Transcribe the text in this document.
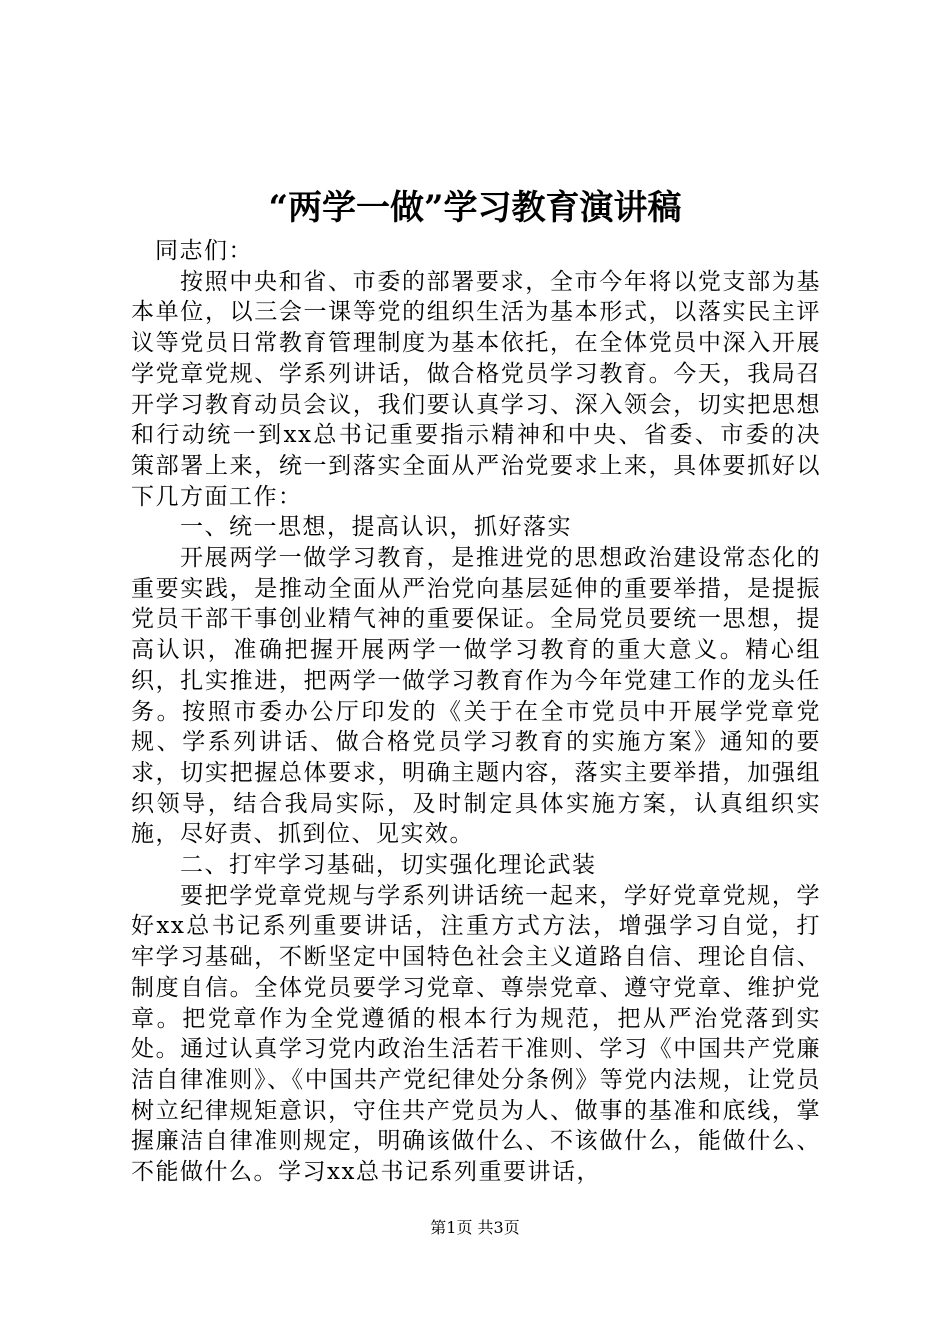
“两学一做”学习教育演讲稿

同志们：

按照中央和省、市委的部署要求，全市今年将以党支部为基本单位，以三会一课等党的组织生活为基本形式，以落实民主评议等党员日常教育管理制度为基本依托，在全体党员中深入开展学党章党规、学系列讲话，做合格党员学习教育。今天，我局召开学习教育动员会议，我们要认真学习、深入领会，切实把思想和行动统一到xx总书记重要指示精神和中央、省委、市委的决策部署上来，统一到落实全面从严治党要求上来，具体要抓好以下几方面工作：

一、统一思想，提高认识，抓好落实

开展两学一做学习教育，是推进党的思想政治建设常态化的重要实践，是推动全面从严治党向基层延伸的重要举措，是提振党员干部干事创业精气神的重要保证。全局党员要统一思想，提高认识，准确把握开展两学一做学习教育的重大意义。精心组织，扎实推进，把两学一做学习教育作为今年党建工作的龙头任务。按照市委办公厅印发的《关于在全市党员中开展学党章党规、学系列讲话、做合格党员学习教育的实施方案》通知的要求，切实把握总体要求，明确主题内容，落实主要举措，加强组织领导，结合我局实际，及时制定具体实施方案，认真组织实施，尽好责、抓到位、见实效。

二、打牢学习基础，切实强化理论武装

要把学党章党规与学系列讲话统一起来，学好党章党规，学好xx总书记系列重要讲话，注重方式方法，增强学习自觉，打牢学习基础，不断坚定中国特色社会主义道路自信、理论自信、制度自信。全体党员要学习党章、尊崇党章、遵守党章、维护党章。把党章作为全党遵循的根本行为规范，把从严治党落到实处。通过认真学习党内政治生活若干准则、学习《中国共产党廉洁自律准则》、《中国共产党纪律处分条例》等党内法规，让党员树立纪律规矩意识，守住共产党员为人、做事的基准和底线，掌握廉洁自律准则规定，明确该做什么、不该做什么，能做什么、不能做什么。学习xx总书记系列重要讲话，

第1页 共3页
